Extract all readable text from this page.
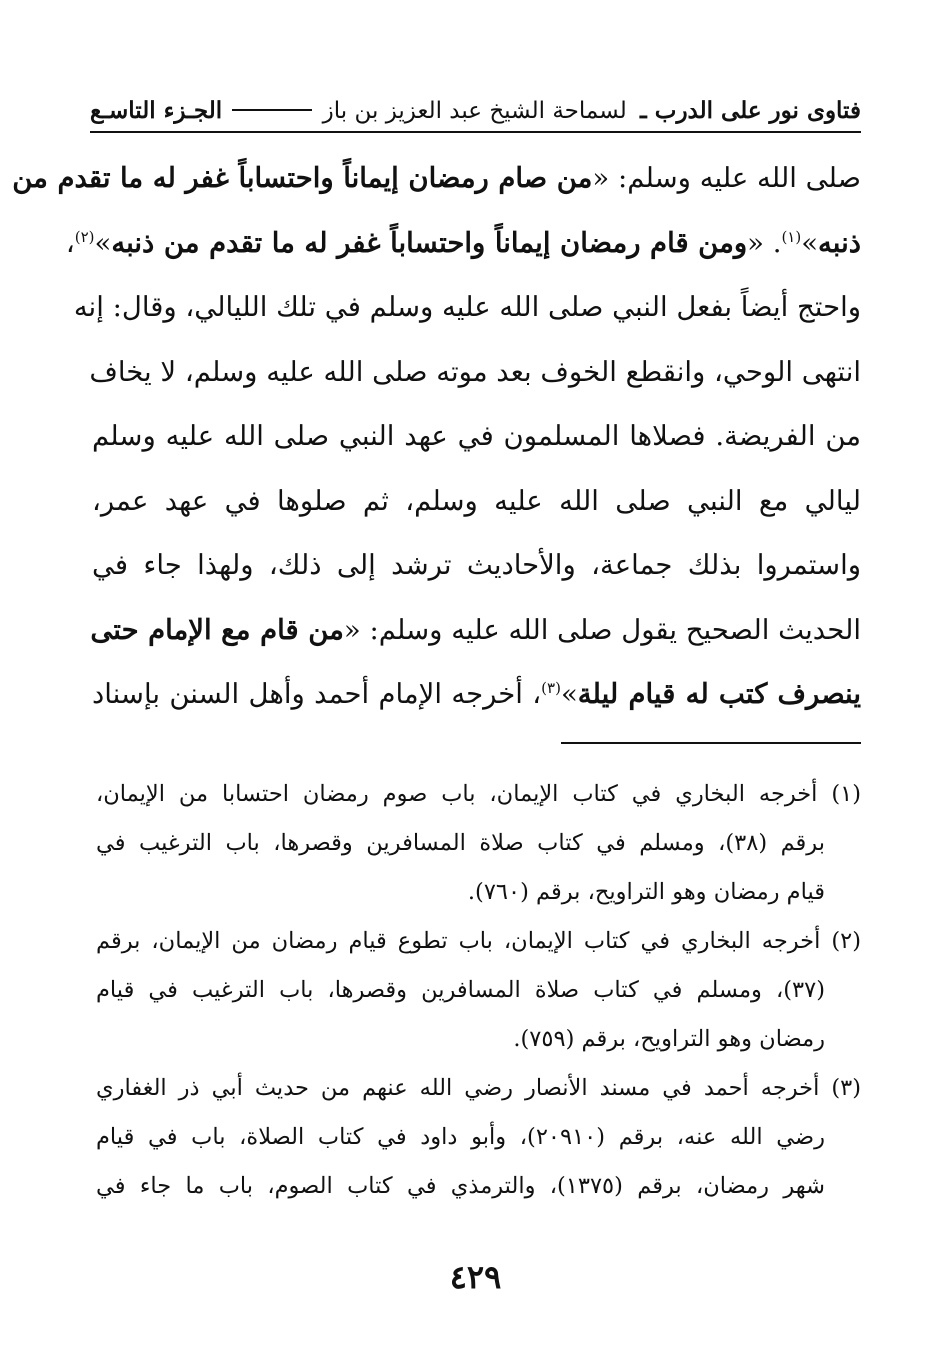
فتاوى نور على الدرب ـ لسماحة الشيخ عبد العزيز بن باز
الجـزء التاسـع
صلى الله عليه وسلم: «من صام رمضان إيماناً واحتساباً غفر له ما تقدم من
ذنبه»$^{(١)}$. «ومن قام رمضان إيماناً واحتساباً غفر له ما تقدم من ذنبه»$^{(٢)}$،
واحتج أيضاً بفعل النبي صلى الله عليه وسلم في تلك الليالي، وقال: إنه
انتهى الوحي، وانقطع الخوف بعد موته صلى الله عليه وسلم، لا يخاف
من الفريضة. فصلاها المسلمون في عهد النبي صلى الله عليه وسلم
ليالي مع النبي صلى الله عليه وسلم، ثم صلوها في عهد عمر،
واستمروا بذلك جماعة، والأحاديث ترشد إلى ذلك، ولهذا جاء في
الحديث الصحيح يقول صلى الله عليه وسلم: «من قام مع الإمام حتى
ينصرف كتب له قيام ليلة»$^{(٣)}$، أخرجه الإمام أحمد وأهل السنن بإسناد
(١) أخرجه البخاري في كتاب الإيمان، باب صوم رمضان احتسابا من الإيمان،
برقم (٣٨)، ومسلم في كتاب صلاة المسافرين وقصرها، باب الترغيب في
قيام رمضان وهو التراويح، برقم (٧٦٠).
(٢) أخرجه البخاري في كتاب الإيمان، باب تطوع قيام رمضان من الإيمان، برقم
(٣٧)، ومسلم في كتاب صلاة المسافرين وقصرها، باب الترغيب في قيام
رمضان وهو التراويح، برقم (٧٥٩).
(٣) أخرجه أحمد في مسند الأنصار رضي الله عنهم من حديث أبي ذر الغفاري
رضي الله عنه، برقم (٢٠٩١٠)، وأبو داود في كتاب الصلاة، باب في قيام
شهر رمضان، برقم (١٣٧٥)، والترمذي في كتاب الصوم، باب ما جاء في
٤٢٩
